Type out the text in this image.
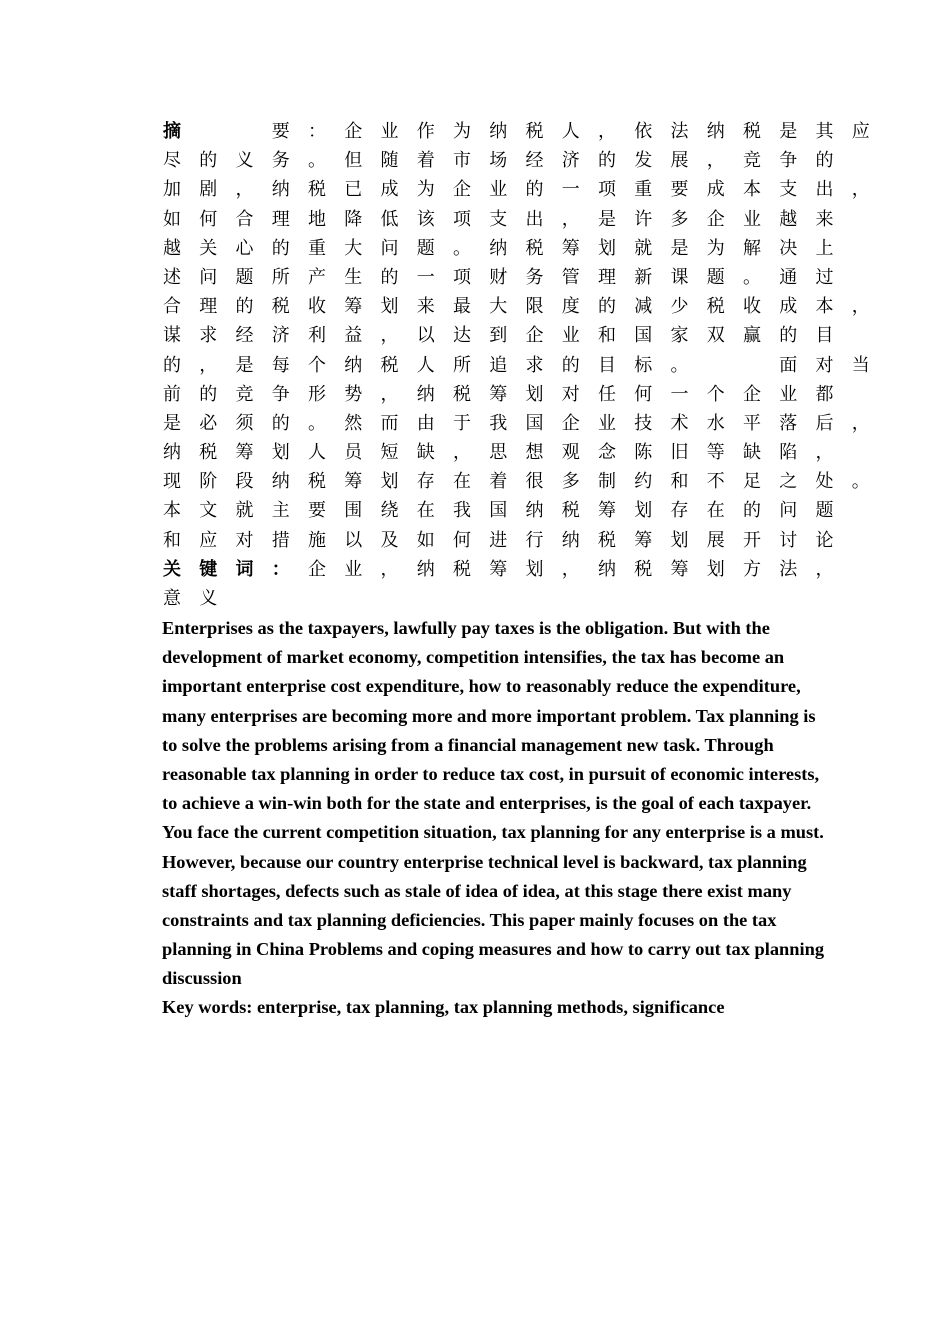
摘

	要 ： 企 业 作 为 纳 税 人 ， 依 法 纳 税 是 其 应
尽 的 义 务 。 但 随 着 市 场 经 济 的 发 展 ， 竞 争 的
加 剧 ， 纳 税 已 成 为 企 业 的 一 项 重 要 成 本 支 出 ，
如 何 合 理 地 降 低 该 项 支 出 ， 是 许 多 企 业 越 来
越 关 心 的 重 大 问 题 。 纳 税 筹 划 就 是 为 解 决 上
述 问 题 所 产 生 的 一 项 财 务 管 理 新 课 题 。 通 过
合 理 的 税 收 筹 划 来 最 大 限 度 的 减 少 税 收 成 本 ，
谋 求 经 济 利 益 ， 以 达 到 企 业 和 国 家 双 赢 的 目
的 ， 是 每 个 纳 税 人 所 追 求 的 目 标 。

	面 对 当
前 的 竞 争 形 势 ， 纳 税 筹 划 对 任 何 一 个 企 业 都
是 必 须 的 。 然 而 由 于 我 国 企 业 技 术 水 平 落 后 ，
纳 税 筹 划 人 员 短 缺 ， 思 想 观 念 陈 旧 等 缺 陷 ，
现 阶 段 纳 税 筹 划 存 在 着 很 多 制 约 和 不 足 之 处 。
本 文 就 主 要 围 绕 在 我 国 纳 税 筹 划 存 在 的 问 题
和 应 对 措 施 以 及 如 何 进 行 纳 税 筹 划 展 开 讨 论
关 键 词 ： 企 业 ， 纳 税 筹 划 ， 纳 税 筹 划 方 法 ，
意 义
Enterprises as the taxpayers, lawfully pay taxes is the obligation. But with the
development of market economy, competition intensifies, the tax has become an
important enterprise cost expenditure, how to reasonably reduce the expenditure,
many enterprises are becoming more and more important problem. Tax planning is
to solve the problems arising from a financial management new task. Through
reasonable tax planning in order to reduce tax cost, in pursuit of economic interests,
to achieve a win-win both for the state and enterprises, is the goal of each taxpayer.
You face the current competition situation, tax planning for any enterprise is a must.
However, because our country enterprise technical level is backward, tax planning
staff shortages, defects such as stale of idea of idea, at this stage there exist many
constraints and tax planning deficiencies. This paper mainly focuses on the tax
planning in China Problems and coping measures and how to carry out tax planning
discussion
Key words: enterprise, tax planning, tax planning methods, significance
